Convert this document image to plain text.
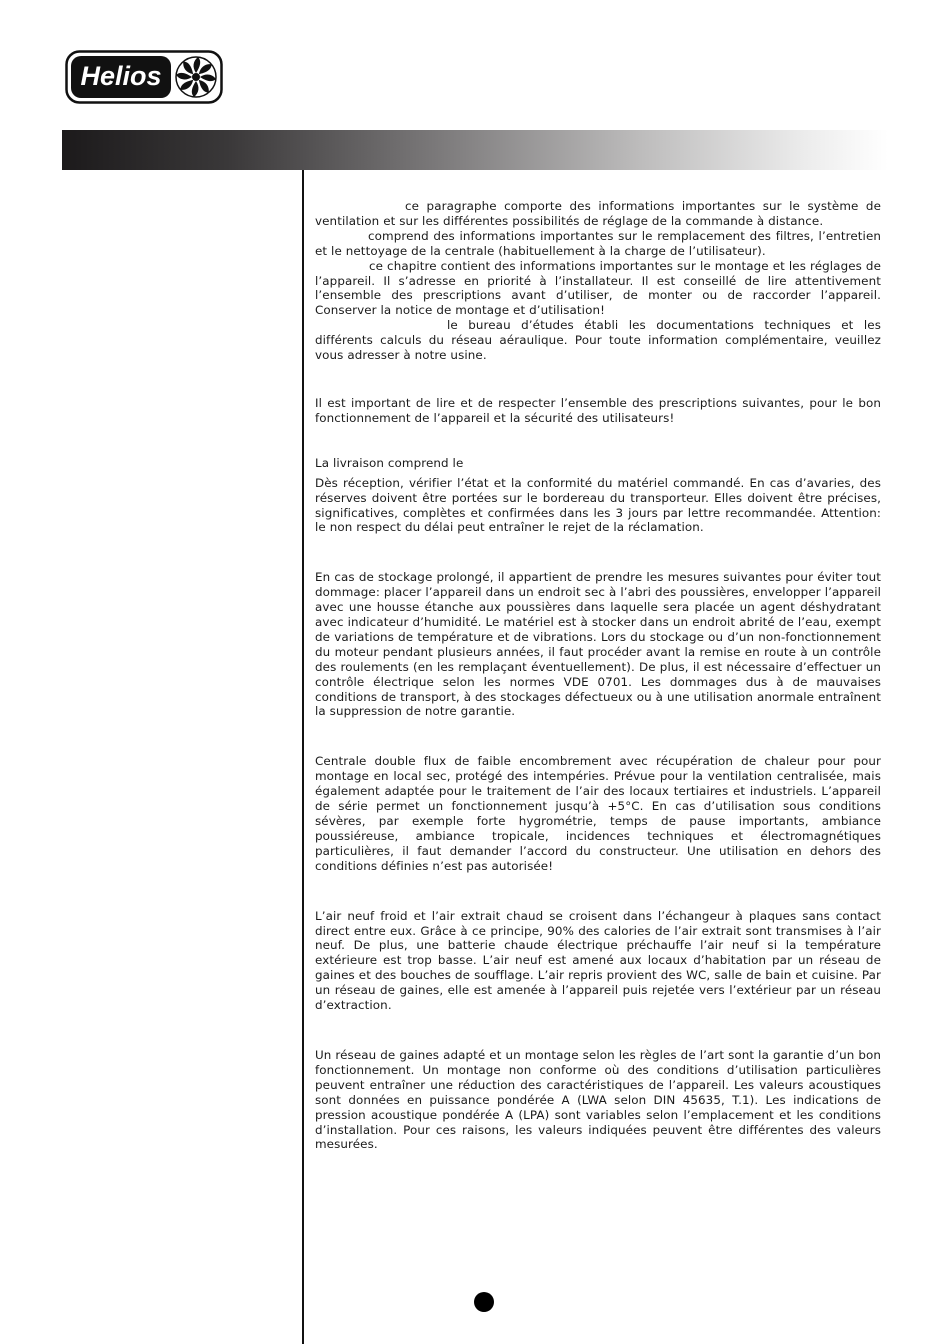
Helios

ce paragraphe comporte des informations importantes sur le système de ventilation et sur les différentes possibilités de réglage de la commande à distance.

comprend des informations importantes sur le remplacement des filtres, l’entretien et le nettoyage de la centrale (habituellement à la charge de l’utilisateur).

ce chapitre contient des informations importantes sur le montage et les réglages de l’appareil. Il s’adresse en priorité à l’installateur. Il est conseillé de lire attentivement l’ensemble des prescriptions avant d’utiliser, de monter ou de raccorder l’appareil. Conserver la notice de montage et d’utilisation!

le bureau d’études établi les documentations techniques et les différents calculs du réseau aéraulique. Pour toute information complémentaire, veuillez vous adresser à notre usine.

Il est important de lire et de respecter l’ensemble des prescriptions suivantes, pour le bon fonctionnement de l’appareil et la sécurité des utilisateurs!

La livraison comprend le

Dès réception, vérifier l’état et la conformité du matériel commandé. En cas d’avaries, des réserves doivent être portées sur le bordereau du transporteur. Elles doivent être précises, significatives, complètes et confirmées dans les 3 jours par lettre recommandée. Attention: le non respect du délai peut entraîner le rejet de la réclamation.

En cas de stockage prolongé, il appartient de prendre les mesures suivantes pour éviter tout dommage: placer l’appareil dans un endroit sec à l’abri des poussières, envelopper l’appareil avec une housse étanche aux poussières dans laquelle sera placée un agent déshydratant avec indicateur d’humidité. Le matériel est à stocker dans un endroit abrité de l’eau, exempt de variations de température et de vibrations. Lors du stockage ou d’un non-fonctionnement du moteur pendant plusieurs années, il faut procéder avant la remise en route à un contrôle des roulements (en les remplaçant éventuellement). De plus, il est nécessaire d’effectuer un contrôle électrique selon les normes VDE 0701. Les dommages dus à de mauvaises conditions de transport, à des stockages défectueux ou à une utilisation anormale entraînent la suppression de notre garantie.

Centrale double flux de faible encombrement avec récupération de chaleur pour pour montage en local sec, protégé des intempéries. Prévue pour la ventilation centralisée, mais également adaptée pour le traitement de l’air des locaux tertiaires et industriels. L’appareil de série permet un fonctionnement jusqu’à +5°C. En cas d’utilisation sous conditions sévères, par exemple forte hygrométrie, temps de pause importants, ambiance poussiéreuse, ambiance tropicale, incidences techniques et électromagnétiques particulières, il faut demander l’accord du constructeur. Une utilisation en dehors des conditions définies n’est pas autorisée!

L’air neuf froid et l’air extrait chaud se croisent dans l’échangeur à plaques sans contact direct entre eux. Grâce à ce principe, 90% des calories de l’air extrait sont transmises à l’air neuf. De plus, une batterie chaude électrique préchauffe l’air neuf si la température extérieure est trop basse. L’air neuf est amené aux locaux d’habitation par un réseau de gaines et des bouches de soufflage. L’air repris provient des WC, salle de bain et cuisine. Par un réseau de gaines, elle est amenée à l’appareil puis rejetée vers l’extérieur par un réseau d’extraction.

Un réseau de gaines adapté et un montage selon les règles de l’art sont la garantie d’un bon fonctionnement. Un montage non conforme où des conditions d’utilisation particulières peuvent entraîner une réduction des caractéristiques de l’appareil. Les valeurs acoustiques sont données en puissance pondérée A (LWA selon DIN 45635, T.1). Les indications de pression acoustique pondérée A (LPA) sont variables selon l’emplacement et les conditions d’installation. Pour ces raisons, les valeurs indiquées peuvent être différentes des valeurs mesurées.
